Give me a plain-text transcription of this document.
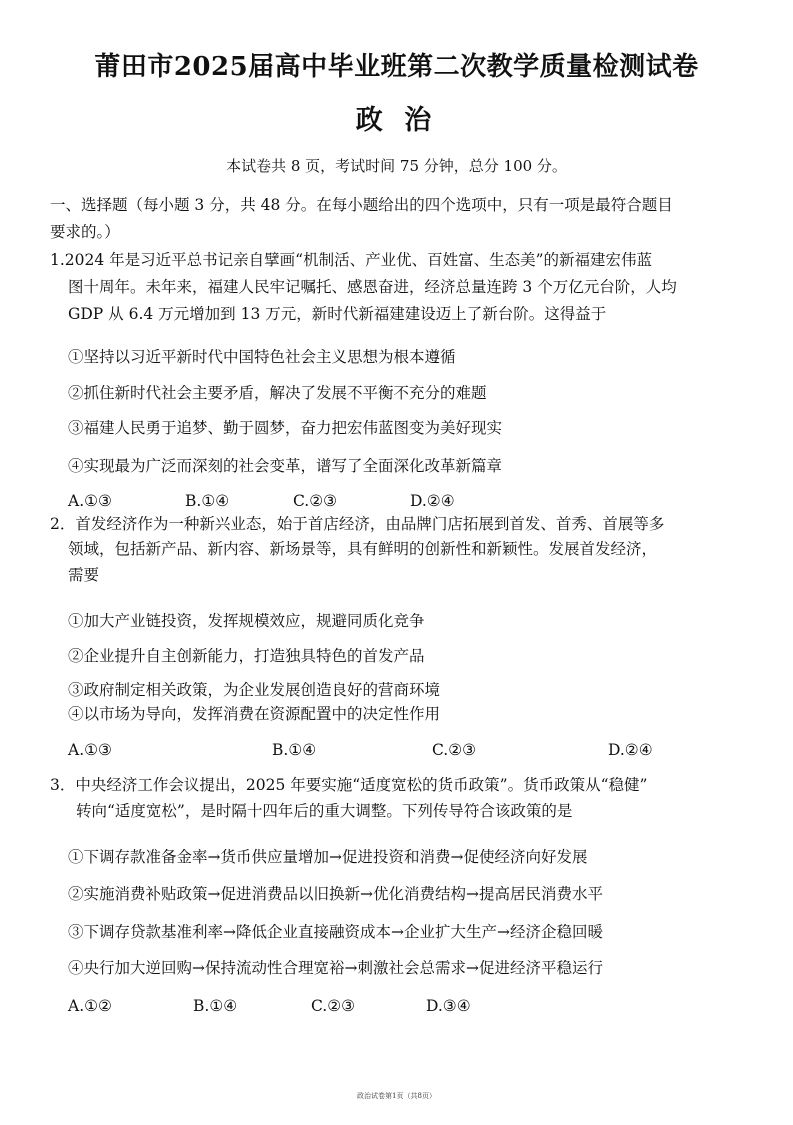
莆田市2025届高中毕业班第二次教学质量检测试卷
政 治
本试卷共 8 页，考试时间 75 分钟，总分 100 分。
一、选择题（每小题 3 分，共 48 分。在每小题给出的四个选项中，只有一项是最符合题目
要求的。）
1.2024 年是习近平总书记亲自擘画“机制活、产业优、百姓富、生态美”的新福建宏伟蓝
图十周年。未年来，福建人民牢记嘱托、感恩奋进，经济总量连跨 3 个万亿元台阶，人均
GDP 从 6.4 万元增加到 13 万元，新时代新福建建设迈上了新台阶。这得益于
①坚持以习近平新时代中国特色社会主义思想为根本遵循
②抓住新时代社会主要矛盾，解决了发展不平衡不充分的难题
③福建人民勇于追梦、勤于圆梦，奋力把宏伟蓝图变为美好现实
④实现最为广泛而深刻的社会变革，谱写了全面深化改革新篇章
A.①③	B.①④	C.②③	D.②④
2．首发经济作为一种新兴业态，始于首店经济，由品牌门店拓展到首发、首秀、首展等多
领域，包括新产品、新内容、新场景等，具有鲜明的创新性和新颖性。发展首发经济，
需要
①加大产业链投资，发挥规模效应，规避同质化竞争
②企业提升自主创新能力，打造独具特色的首发产品
③政府制定相关政策，为企业发展创造良好的营商环境
④以市场为导向，发挥消费在资源配置中的决定性作用
A.①③	B.①④	C.②③	D.②④
3．中央经济工作会议提出，2025 年要实施“适度宽松的货币政策”。货币政策从“稳健”
转向“适度宽松”，是时隔十四年后的重大调整。下列传导符合该政策的是
①下调存款准备金率→货币供应量增加→促进投资和消费→促使经济向好发展
②实施消费补贴政策→促进消费品以旧换新→优化消费结构→提高居民消费水平
③下调存贷款基准利率→降低企业直接融资成本→企业扩大生产→经济企稳回暖
④央行加大逆回购→保持流动性合理宽裕→刺激社会总需求→促进经济平稳运行
A.①②	B.①④	C.②③	D.③④
政治试卷第1页（共8页）
